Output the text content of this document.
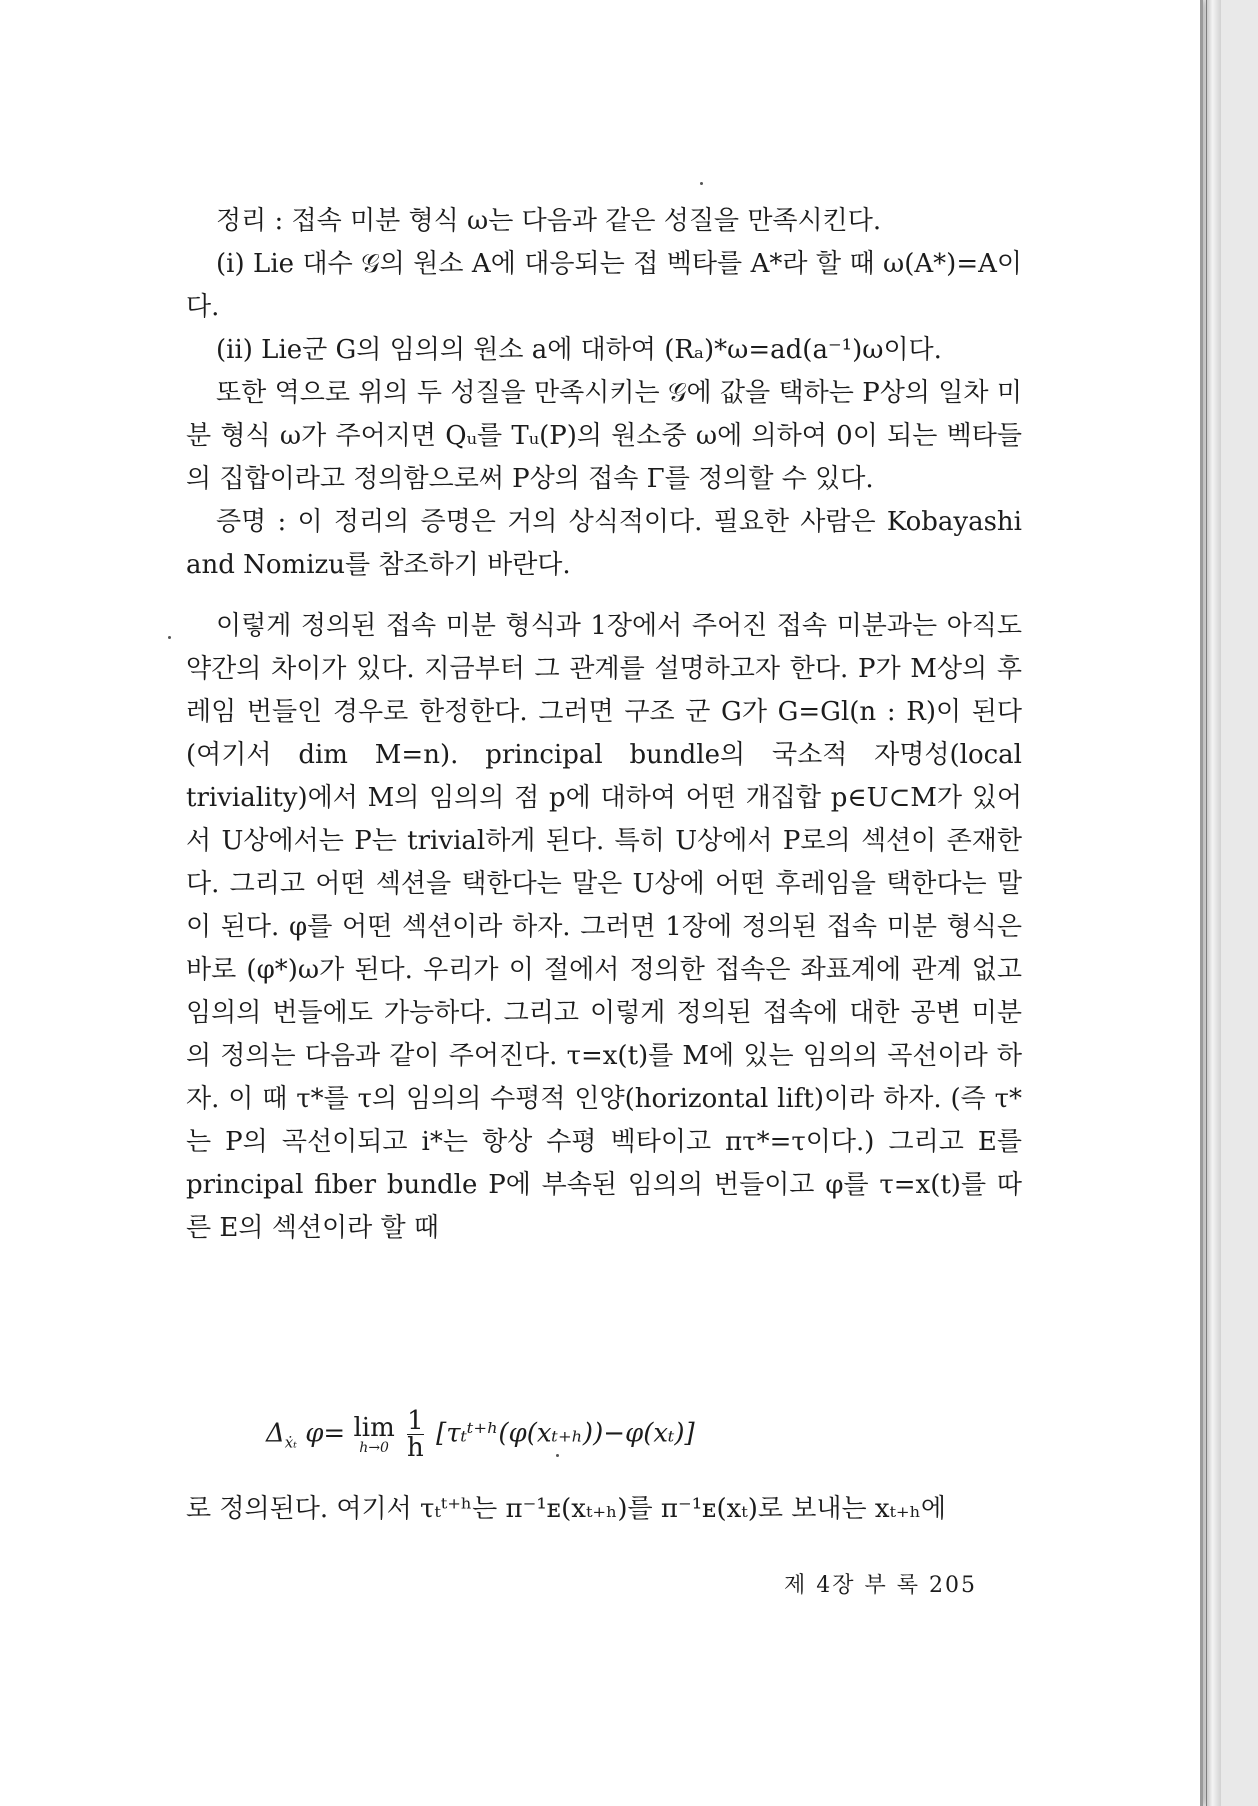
정리 : 접속 미분 형식 ω는 다음과 같은 성질을 만족시킨다.

(i) Lie 대수 𝒢의 원소 A에 대응되는 접 벡타를 A*라 할 때 ω(A*)=A이다.

(ii) Lie군 G의 임의의 원소 a에 대하여 (Rₐ)*ω=ad(a⁻¹)ω이다.

또한 역으로 위의 두 성질을 만족시키는 𝒢에 값을 택하는 P상의 일차 미분 형식 ω가 주어지면 Qᵤ를 Tᵤ(P)의 원소중 ω에 의하여 0이 되는 벡타들의 집합이라고 정의함으로써 P상의 접속 Γ를 정의할 수 있다.

증명 : 이 정리의 증명은 거의 상식적이다. 필요한 사람은 Kobayashi and Nomizu를 참조하기 바란다.

이렇게 정의된 접속 미분 형식과 1장에서 주어진 접속 미분과는 아직도 약간의 차이가 있다. 지금부터 그 관계를 설명하고자 한다. P가 M상의 후레임 번들인 경우로 한정한다. 그러면 구조 군 G가 G=Gl(n : R)이 된다(여기서 dim M=n). principal bundle의 국소적 자명성(local triviality)에서 M의 임의의 점 p에 대하여 어떤 개집합 p∈U⊂M가 있어서 U상에서는 P는 trivial하게 된다. 특히 U상에서 P로의 섹션이 존재한다. 그리고 어떤 섹션을 택한다는 말은 U상에 어떤 후레임을 택한다는 말이 된다. φ를 어떤 섹션이라 하자. 그러면 1장에 정의된 접속 미분 형식은 바로 (φ*)ω가 된다. 우리가 이 절에서 정의한 접속은 좌표계에 관계 없고 임의의 번들에도 가능하다. 그리고 이렇게 정의된 접속에 대한 공변 미분의 정의는 다음과 같이 주어진다. τ=x(t)를 M에 있는 임의의 곡선이라 하자. 이 때 τ*를 τ의 임의의 수평적 인양(horizontal lift)이라 하자. (즉 τ*는 P의 곡선이되고 i*는 항상 수평 벡타이고 πτ*=τ이다.) 그리고 E를 principal fiber bundle P에 부속된 임의의 번들이고 φ를 τ=x(t)를 따른 E의 섹션이라 할 때

$\Delta_{ẋ_t}$ φ= lim
h→0
$\frac{1}{h}$ [τₜᵗ⁺ʰ(φ(xₜ₊ₕ))−φ(xₜ)]
로 정의된다. 여기서 τₜᵗ⁺ʰ는 π⁻¹ᴇ(xₜ₊ₕ)를 π⁻¹ᴇ(xₜ)로 보내는 xₜ₊ₕ에
제 4장 부 록 205
